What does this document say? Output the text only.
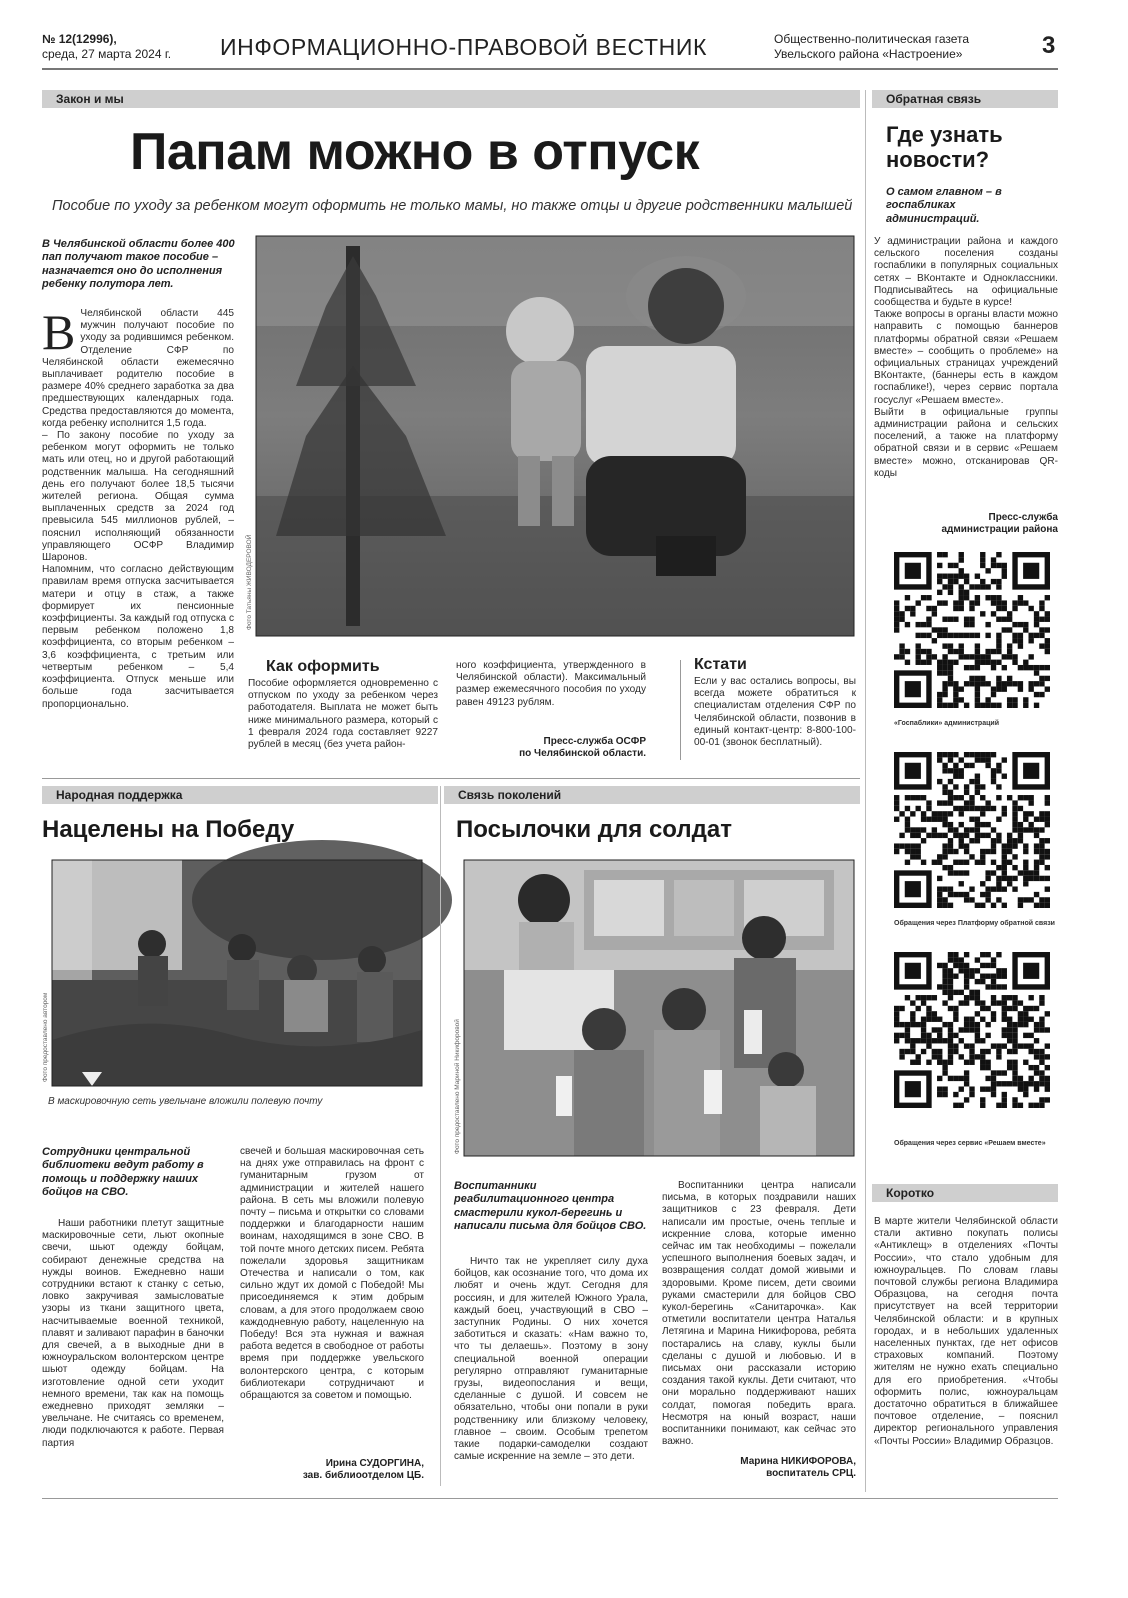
№ 12(12996),
среда, 27 марта 2024 г. ИНФОРМАЦИОННО-ПРАВОВОЙ ВЕСТНИК	Общественно-политическая газета
Увельского района «Настроение»	3
Закон и мы
Папам можно в отпуск
Пособие по уходу за ребенком могут оформить не только мамы, но также отцы и другие родственники малышей
В Челябинской области более 400 пап получают такое пособие – назначается оно до исполнения ребенку полутора лет.
В Челябинской области 445 мужчин получают пособие по уходу за родившимся ребенком. Отделение СФР по Челябинской области ежемесячно выплачивает родителю пособие в размере 40% среднего заработка за два предшествующих календарных года. Средства предоставляются до момента, когда ребенку исполнится 1,5 года.
– По закону пособие по уходу за ребенком могут оформить не только мать или отец, но и другой работающий родственник малыша. На сегодняшний день его получают более 18,5 тысячи жителей региона. Общая сумма выплаченных средств за 2024 год превысила 545 миллионов рублей, – пояснил исполняющий обязанности управляющего ОСФР Владимир Шаронов.
Напомним, что согласно действующим правилам время отпуска засчитывается матери и отцу в стаж, а также формирует их пенсионные коэффициенты. За каждый год отпуска с первым ребенком положено 1,8 коэффициента, со вторым ребенком – 3,6 коэффициента, с третьим или четвертым ребенком – 5,4 коэффициента. Отпуск меньше или больше года засчитывается пропорционально.
Фото Татьяны ЖИВОДЕРОВОЙ
Как оформить
Пособие оформляется одновременно с отпуском по уходу за ребенком через работодателя. Выплата не может быть ниже минимального размера, который с 1 февраля 2024 года составляет 9227 рублей в месяц (без учета район-
ного коэффициента, утвержденного в Челябинской области). Максимальный размер ежемесячного пособия по уходу равен 49123 рублям.
Пресс-служба ОСФР
по Челябинской области.
Кстати
Если у вас остались вопросы, вы всегда можете обратиться к специалистам отделения СФР по Челябинской области, позвонив в единый контакт-центр: 8-800-100-00-01 (звонок бесплатный).
Обратная связь
Где узнать новости?
О самом главном – в госпабликах администраций.
У администрации района и каждого сельского поселения созданы госпаблики в популярных социальных сетях – ВКонтакте и Одноклассники. Подписывайтесь на официальные сообщества и будьте в курсе!
Также вопросы в органы власти можно направить с помощью баннеров платформы обратной связи «Решаем вместе» – сообщить о проблеме» на официальных страницах учреждений ВКонтакте, (баннеры есть в каждом госпаблике!), через сервис портала госуслуг «Решаем вместе».
Выйти в официальные группы администрации района и сельских поселений, а также на платформу обратной связи и в сервис «Решаем вместе» можно, отсканировав QR-коды
Пресс-служба
администрации района
«Госпаблики» администраций
Обращения через Платформу обратной связи
Обращения через сервис «Решаем вместе»
Коротко
В марте жители Челябинской области стали активно покупать полисы «Антиклещ» в отделениях «Почты России», что стало удобным для южноуральцев. По словам главы почтовой службы региона Владимира Образцова, на сегодня почта присутствует на всей территории Челябинской области: и в крупных городах, и в небольших удаленных населенных пунктах, где нет офисов страховых компаний. Поэтому жителям не нужно ехать специально для его приобретения. «Чтобы оформить полис, южноуральцам достаточно обратиться в ближайшее почтовое отделение, – пояснил директор регионального управления «Почты России» Владимир Образцов.
Народная поддержка
Нацелены на Победу
Фото предоставлено автором
В маскировочную сеть увельчане вложили полевую почту
Сотрудники центральной библиотеки ведут работу в помощь и поддержку наших бойцов на СВО.
Наши работники плетут защитные маскировочные сети, льют окопные свечи, шьют одежду бойцам, собирают денежные средства на нужды воинов. Ежедневно наши сотрудники встают к станку с сетью, ловко закручивая замысловатые узоры из ткани защитного цвета, насчитываемые военной техникой, плавят и заливают парафин в баночки для свечей, а в выходные дни в южноуральском волонтерском центре шьют одежду бойцам. На изготовление одной сети уходит немного времени, так как на помощь ежедневно приходят земляки – увельчане. Не считаясь со временем, люди подключаются к работе. Первая партия
свечей и большая маскировочная сеть на днях уже отправилась на фронт с гуманитарным грузом от администрации и жителей нашего района. В сеть мы вложили полевую почту – письма и открытки со словами поддержки и благодарности нашим воинам, находящимся в зоне СВО. В той почте много детских писем. Ребята пожелали здоровья защитникам Отечества и написали о том, как сильно ждут их домой с Победой! Мы присоединяемся к этим добрым словам, а для этого продолжаем свою каждодневную работу, нацеленную на Победу! Вся эта нужная и важная работа ведется в свободное от работы время при поддержке увельского волонтерского центра, с которым библиотекари сотрудничают и обращаются за советом и помощью.
Ирина СУДОРГИНА,
зав. библиоотделом ЦБ.
Связь поколений
Посылочки для солдат
Фото предоставлено Мариной Никифоровой
Воспитанники реабилитационного центра смастерили кукол-берегинь и написали письма для бойцов СВО.
Ничто так не укрепляет силу духа бойцов, как осознание того, что дома их любят и очень ждут. Сегодня для россиян, и для жителей Южного Урала, каждый боец, участвующий в СВО – заступник Родины. О них хочется заботиться и сказать: «Нам важно то, что ты делаешь». Поэтому в зону специальной военной операции регулярно отправляют гуманитарные грузы, видеопослания и вещи, сделанные с душой. И совсем не обязательно, чтобы они попали в руки родственнику или близкому человеку, главное – своим. Особым трепетом такие подарки-самоделки создают самые искренние на земле – это дети.
Воспитанники центра написали письма, в которых поздравили наших защитников с 23 февраля. Дети написали им простые, очень теплые и искренние слова, которые именно сейчас им так необходимы – пожелали успешного выполнения боевых задач, и возвращения солдат домой живыми и здоровыми. Кроме писем, дети своими руками смастерили для бойцов СВО кукол-берегинь «Санитарочка». Как отметили воспитатели центра Наталья Летягина и Марина Никифорова, ребята постарались на славу, куклы были сделаны с душой и любовью. И в письмах они рассказали историю создания такой куклы. Дети считают, что они морально поддерживают наших солдат, помогая победить врага. Несмотря на юный возраст, наши воспитанники понимают, как сейчас это важно.
Марина НИКИФОРОВА,
воспитатель СРЦ.
